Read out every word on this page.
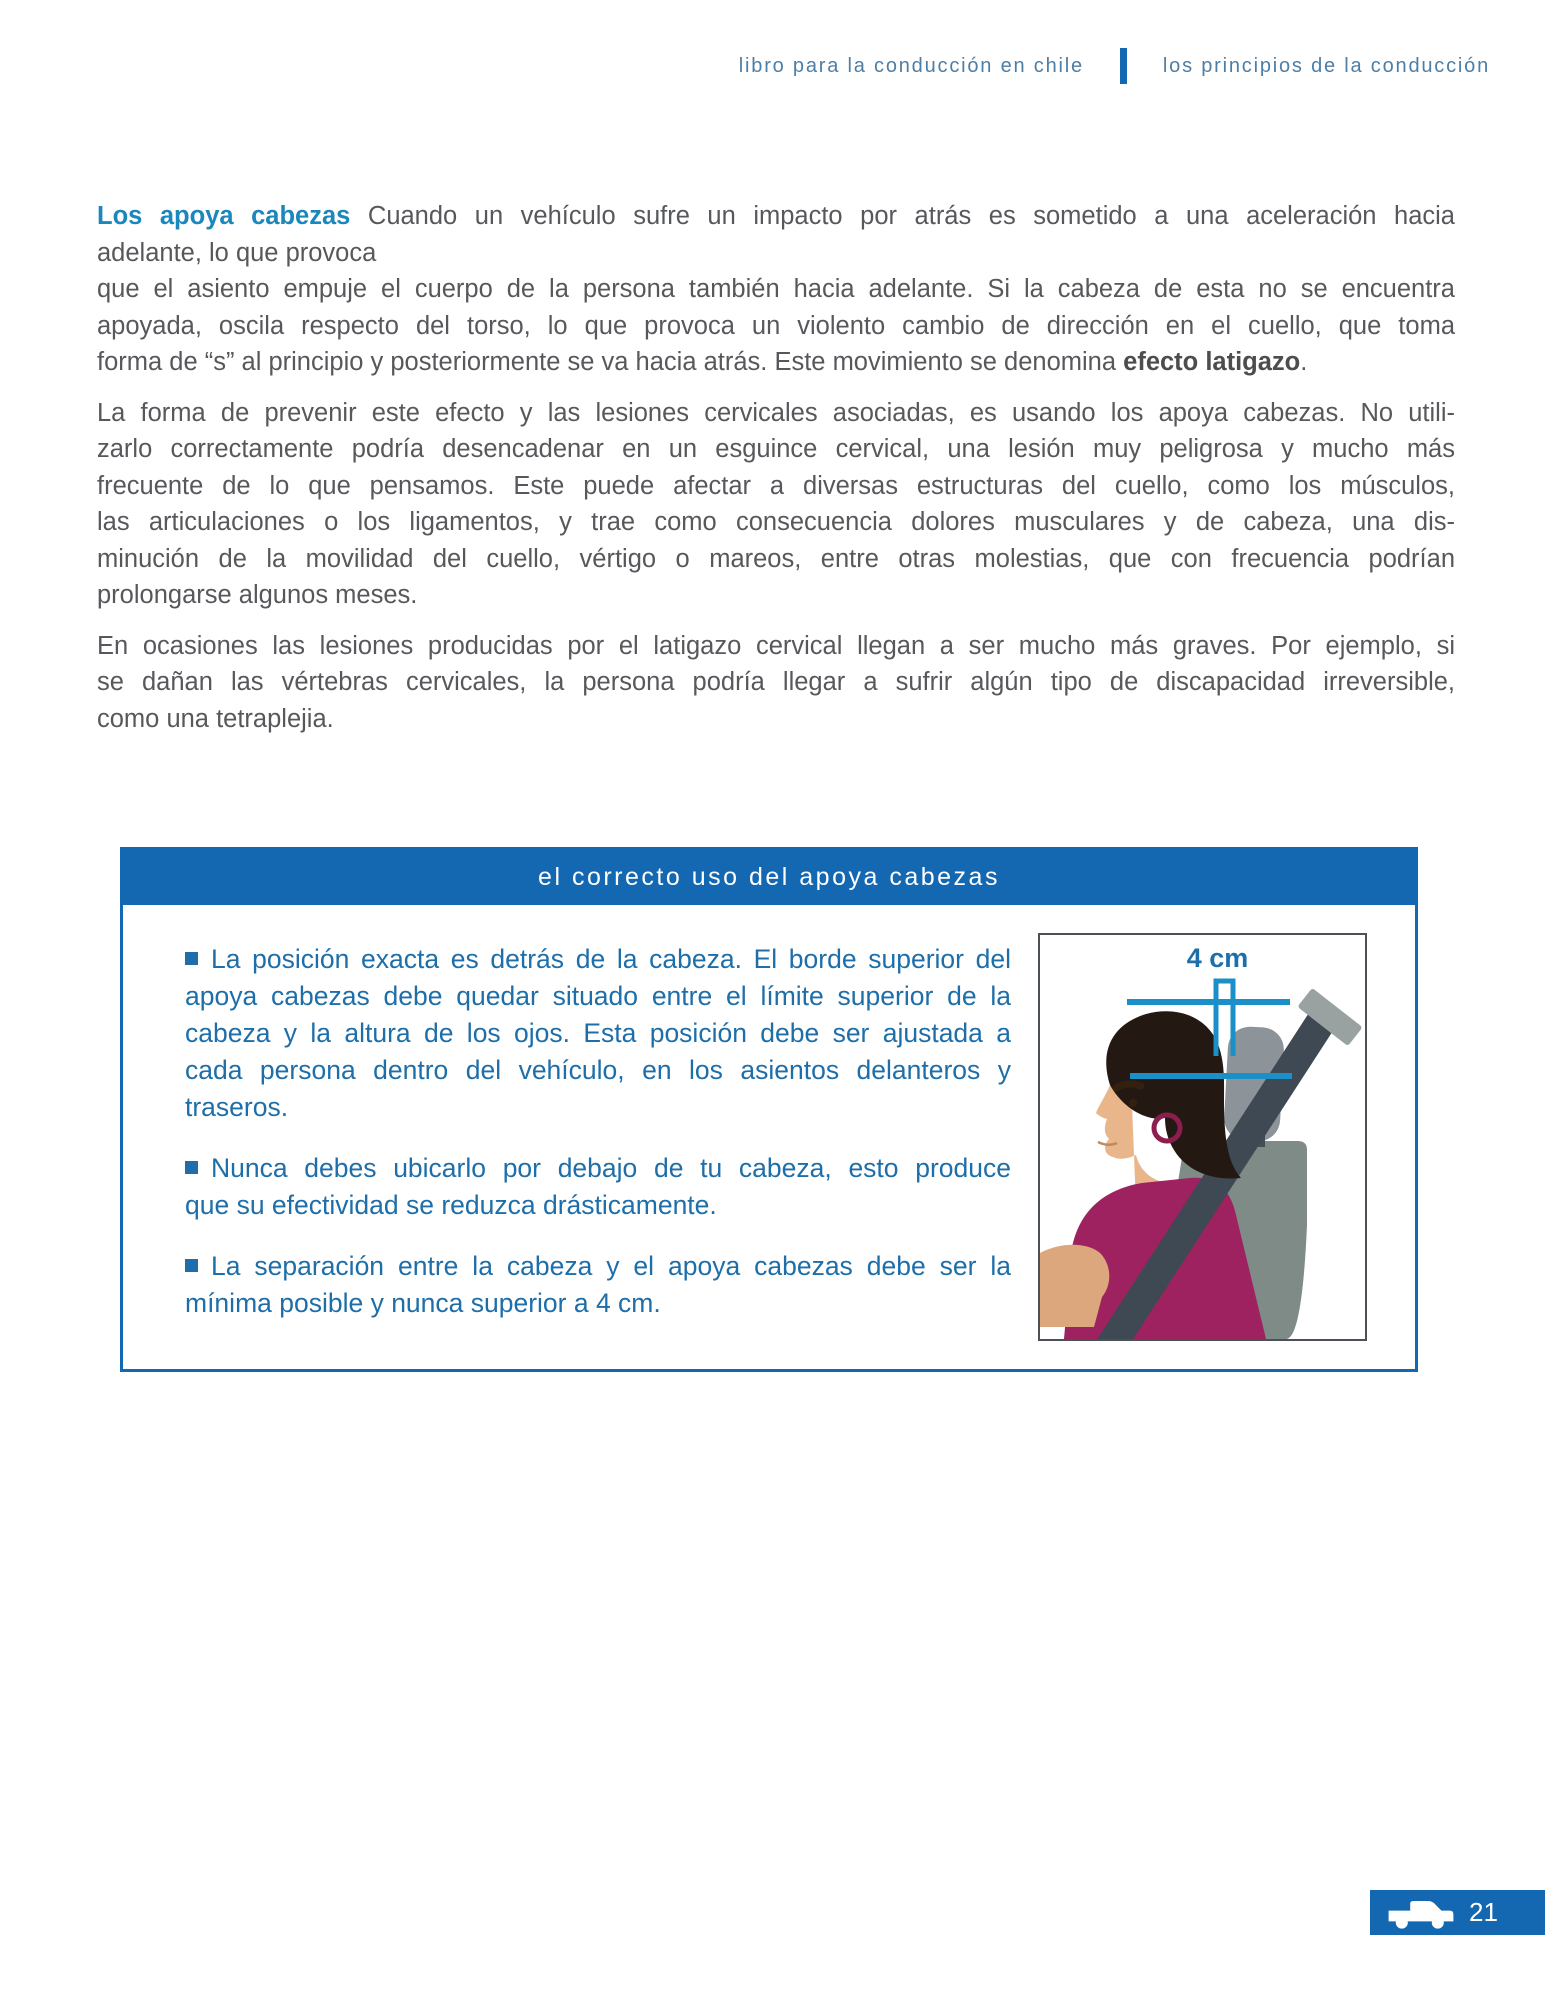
libro para la conducción en chile	los principios de la conducción
Los apoya cabezas Cuando un vehículo sufre un impacto por atrás es sometido a una aceleración hacia
adelante, lo que provoca
que el asiento empuje el cuerpo de la persona también hacia adelante. Si la cabeza de esta no se encuentra
apoyada, oscila respecto del torso, lo que provoca un violento cambio de dirección en el cuello, que toma
forma de “s” al principio y posteriormente se va hacia atrás. Este movimiento se denomina efecto latigazo.
La forma de prevenir este efecto y las lesiones cervicales asociadas, es usando los apoya cabezas. No utili-
zarlo correctamente podría desencadenar en un esguince cervical, una lesión muy peligrosa y mucho más
frecuente de lo que pensamos. Este puede afectar a diversas estructuras del cuello, como los músculos,
las articulaciones o los ligamentos, y trae como consecuencia dolores musculares y de cabeza, una dis-
minución de la movilidad del cuello, vértigo o mareos, entre otras molestias, que con frecuencia podrían
prolongarse algunos meses.
En ocasiones las lesiones producidas por el latigazo cervical llegan a ser mucho más graves. Por ejemplo, si
se dañan las vértebras cervicales, la persona podría llegar a sufrir algún tipo de discapacidad irreversible,
como una tetraplejia.
el correcto uso del apoya cabezas
La posición exacta es detrás de la cabeza. El borde superior del
apoya cabezas debe quedar situado entre el límite superior de la
cabeza y la altura de los ojos. Esta posición debe ser ajustada a
cada persona dentro del vehículo, en los asientos delanteros y
traseros.
Nunca debes ubicarlo por debajo de tu cabeza, esto produce
que su efectividad se reduzca drásticamente.
La separación entre la cabeza y el apoya cabezas debe ser la
mínima posible y nunca superior a 4 cm.
4 cm
21
